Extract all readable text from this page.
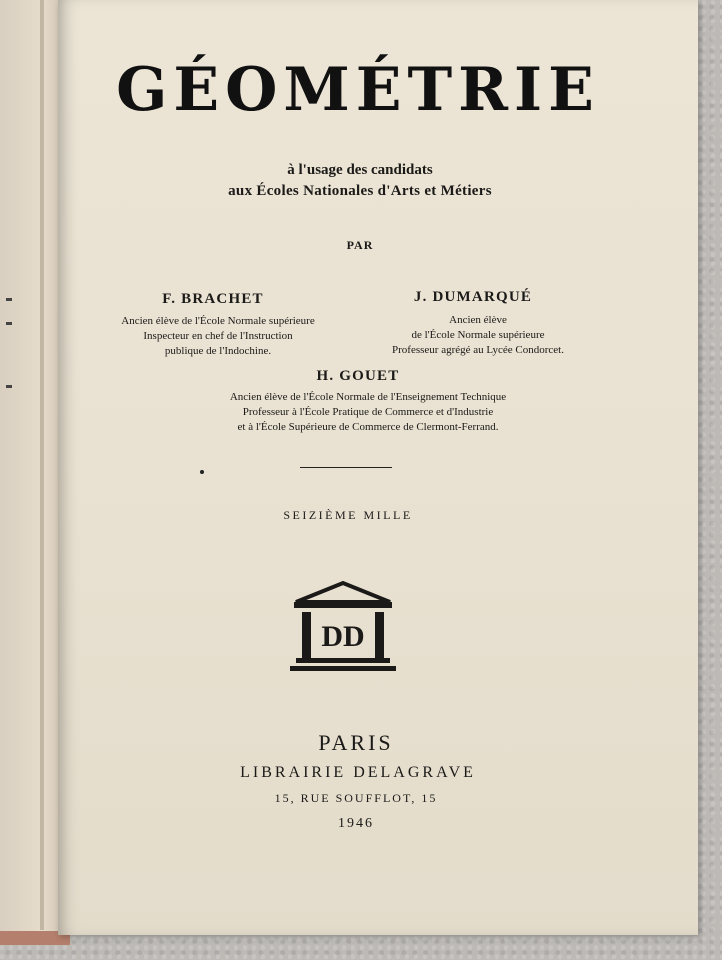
GÉOMÉTRIE
à l'usage des candidats
aux Écoles Nationales d'Arts et Métiers
PAR
F. BRACHET
Ancien élève de l'École Normale supérieure
Inspecteur en chef de l'Instruction
publique de l'Indochine.
J. DUMARQUÉ
Ancien élève
de l'École Normale supérieure
Professeur agrégé au Lycée Condorcet.
H. GOUET
Ancien élève de l'École Normale de l'Enseignement Technique
Professeur à l'École Pratique de Commerce et d'Industrie
et à l'École Supérieure de Commerce de Clermont-Ferrand.
SEIZIÈME MILLE
DD
PARIS
LIBRAIRIE DELAGRAVE
15, RUE SOUFFLOT, 15
1946
